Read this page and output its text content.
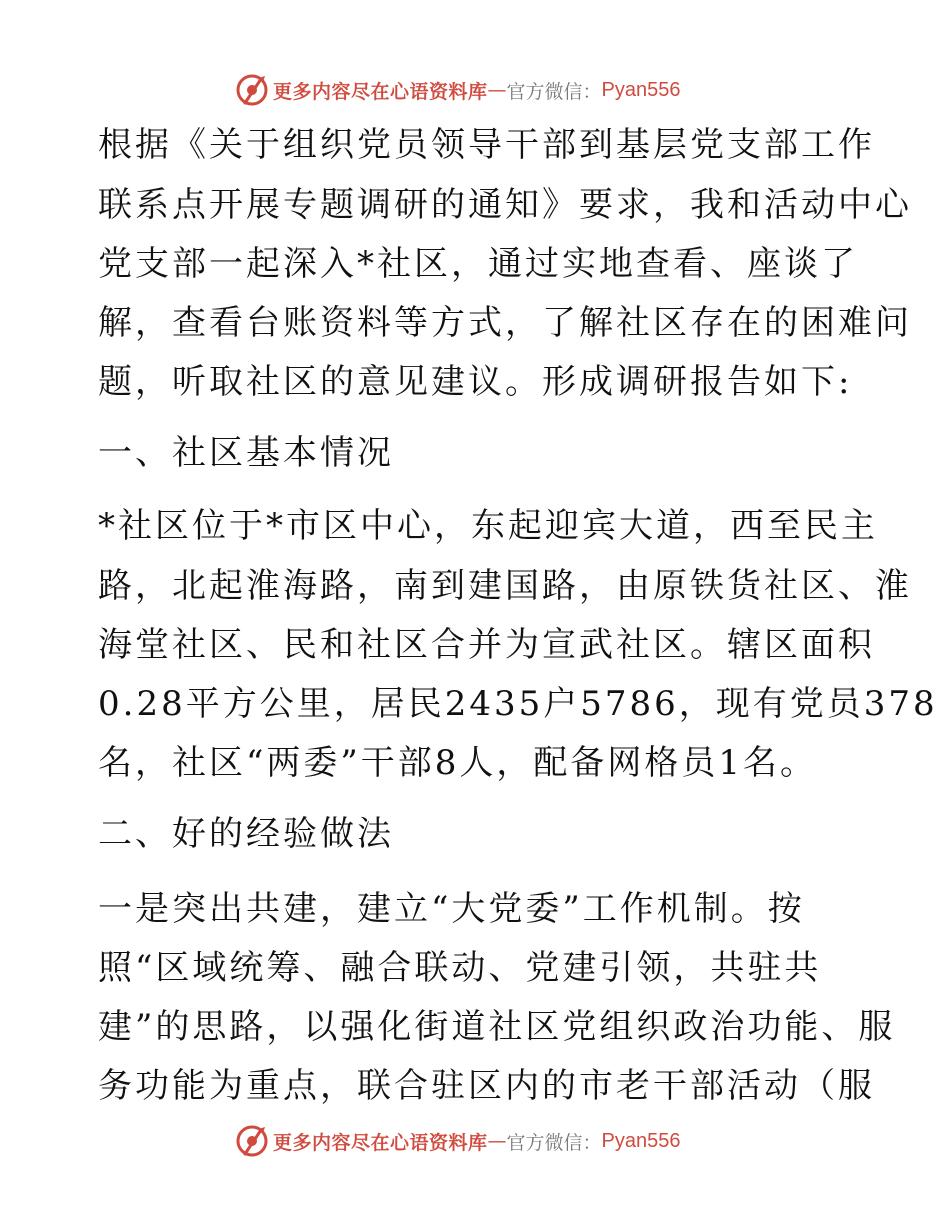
更多内容尽在心语资料库 — 官方微信： Pyan556
根据《关于组织党员领导干部到基层党支部工作
联系点开展专题调研的通知》要求，我和活动中心
党支部一起深入*社区，通过实地查看、座谈了
解，查看台账资料等方式，了解社区存在的困难问
题，听取社区的意见建议。形成调研报告如下:
一、社区基本情况
*社区位于*市区中心，东起迎宾大道，西至民主
路，北起淮海路，南到建国路，由原铁货社区、淮
海堂社区、民和社区合并为宣武社区。辖区面积
0.28平方公里，居民2435户5786，现有党员378
名，社区“两委”干部8人，配备网格员1名。
二、好的经验做法
一是突出共建，建立“大党委”工作机制。按
照“区域统筹、融合联动、党建引领，共驻共
建”的思路，以强化街道社区党组织政治功能、服
务功能为重点，联合驻区内的市老干部活动（服
更多内容尽在心语资料库 — 官方微信： Pyan556
